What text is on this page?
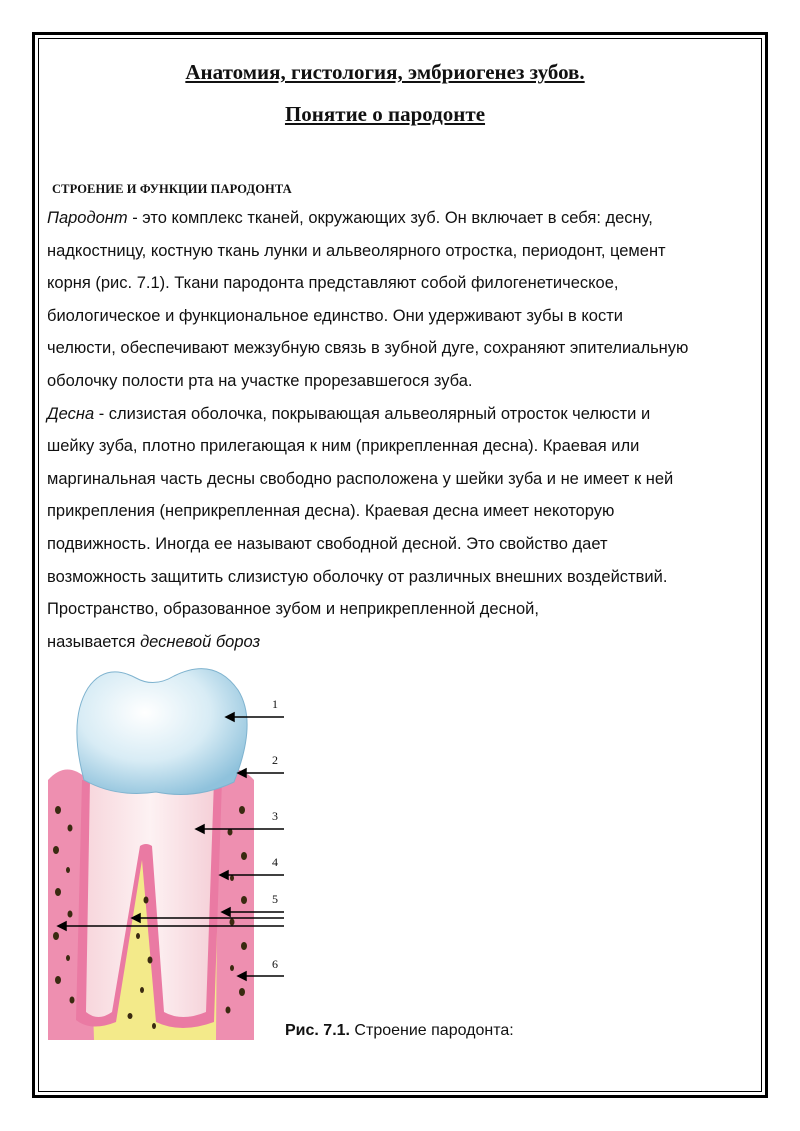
Анатомия, гистология, эмбриогенез зубов.
Понятие о пародонте
СТРОЕНИЕ И ФУНКЦИИ ПАРОДОНТА
Пародонт - это комплекс тканей, окружающих зуб. Он включает в себя: десну,
надкостницу, костную ткань лунки и альвеолярного отростка, периодонт, цемент
корня (рис. 7.1). Ткани пародонта представляют собой филогенетическое,
биологическое и функциональное единство. Они удерживают зубы в кости
челюсти, обеспечивают межзубную связь в зубной дуге, сохраняют эпителиальную
оболочку полости рта на участке прорезавшегося зуба.
Десна - слизистая оболочка, покрывающая альвеолярный отросток челюсти и
шейку зуба, плотно прилегающая к ним (прикрепленная десна). Краевая или
маргинальная часть десны свободно расположена у шейки зуба и не имеет к ней
прикрепления (неприкрепленная десна). Краевая десна имеет некоторую
подвижность. Иногда ее называют свободной десной. Это свойство дает
возможность защитить слизистую оболочку от различных внешних воздействий.
Пространство, образованное зубом и неприкрепленной десной,
называется десневой бороз
1
2
3
4
5
6
Рис. 7.1. Строение пародонта:
